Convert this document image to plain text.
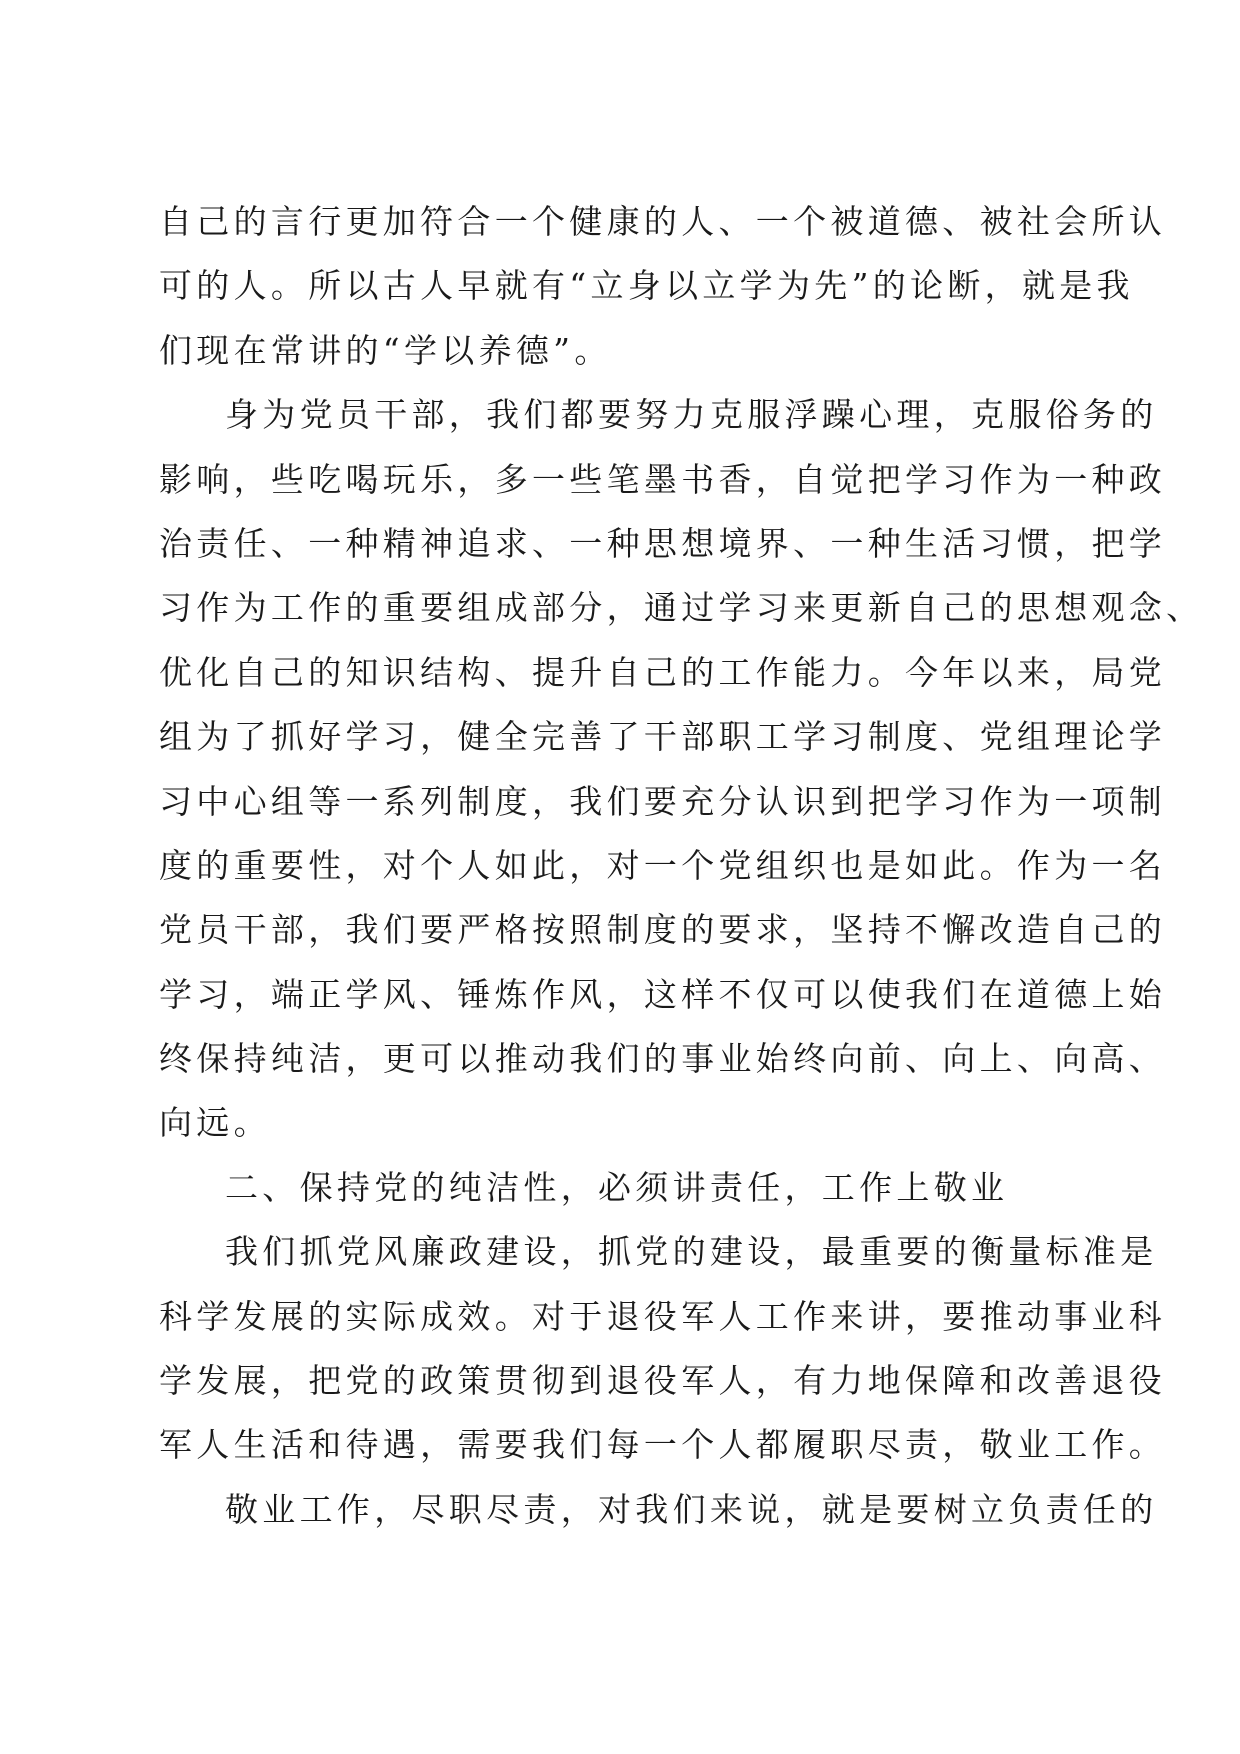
自己的言行更加符合一个健康的人、一个被道德、被社会所认
可的人。所以古人早就有“立身以立学为先”的论断，就是我
们现在常讲的“学以养德”。
身为党员干部，我们都要努力克服浮躁心理，克服俗务的
影响，些吃喝玩乐，多一些笔墨书香，自觉把学习作为一种政
治责任、一种精神追求、一种思想境界、一种生活习惯，把学
习作为工作的重要组成部分，通过学习来更新自己的思想观念、
优化自己的知识结构、提升自己的工作能力。今年以来，局党
组为了抓好学习，健全完善了干部职工学习制度、党组理论学
习中心组等一系列制度，我们要充分认识到把学习作为一项制
度的重要性，对个人如此，对一个党组织也是如此。作为一名
党员干部，我们要严格按照制度的要求，坚持不懈改造自己的
学习，端正学风、锤炼作风，这样不仅可以使我们在道德上始
终保持纯洁，更可以推动我们的事业始终向前、向上、向高、
向远。
二、保持党的纯洁性，必须讲责任，工作上敬业
我们抓党风廉政建设，抓党的建设，最重要的衡量标准是
科学发展的实际成效。对于退役军人工作来讲，要推动事业科
学发展，把党的政策贯彻到退役军人，有力地保障和改善退役
军人生活和待遇，需要我们每一个人都履职尽责，敬业工作。
敬业工作，尽职尽责，对我们来说，就是要树立负责任的
